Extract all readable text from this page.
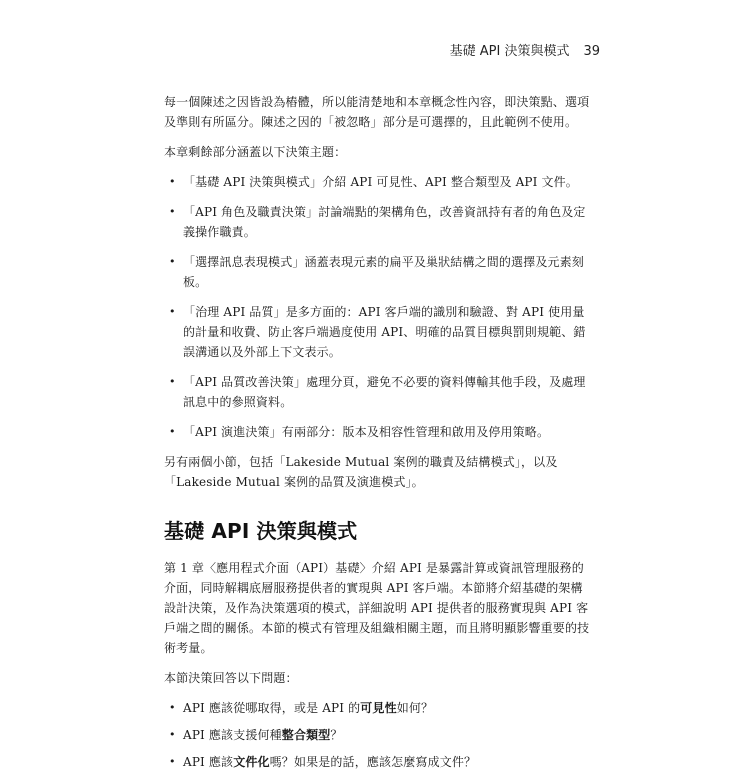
基礎 API 決策與模式 39

每一個陳述之因皆設為樁體，所以能清楚地和本章概念性內容，即決策點、選項及準則有所區分。陳述之因的「被忽略」部分是可選擇的，且此範例不使用。

本章剩餘部分涵蓋以下決策主題：

• 「基礎 API 決策與模式」介紹 API 可見性、API 整合類型及 API 文件。
• 「API 角色及職責決策」討論端點的架構角色，改善資訊持有者的角色及定義操作職責。
• 「選擇訊息表現模式」涵蓋表現元素的扁平及巢狀結構之間的選擇及元素刻板。
• 「治理 API 品質」是多方面的：API 客戶端的識別和驗證、對 API 使用量的計量和收費、防止客戶端過度使用 API、明確的品質目標與罰則規範、錯誤溝通以及外部上下文表示。
• 「API 品質改善決策」處理分頁，避免不必要的資料傳輸其他手段，及處理訊息中的參照資料。
• 「API 演進決策」有兩部分：版本及相容性管理和啟用及停用策略。

另有兩個小節，包括「Lakeside Mutual 案例的職責及結構模式」，以及「Lakeside Mutual 案例的品質及演進模式」。

基礎 API 決策與模式

第 1 章〈應用程式介面（API）基礎〉介紹 API 是暴露計算或資訊管理服務的介面，同時解耦底層服務提供者的實現與 API 客戶端。本節將介紹基礎的架構設計決策，及作為決策選項的模式，詳細說明 API 提供者的服務實現與 API 客戶端之間的關係。本節的模式有管理及組織相關主題，而且將明顯影響重要的技術考量。

本節決策回答以下問題：

• API 應該從哪取得，或是 API 的可見性如何？
• API 應該支援何種整合類型？
• API 應該文件化嗎？如果是的話，應該怎麼寫成文件？
